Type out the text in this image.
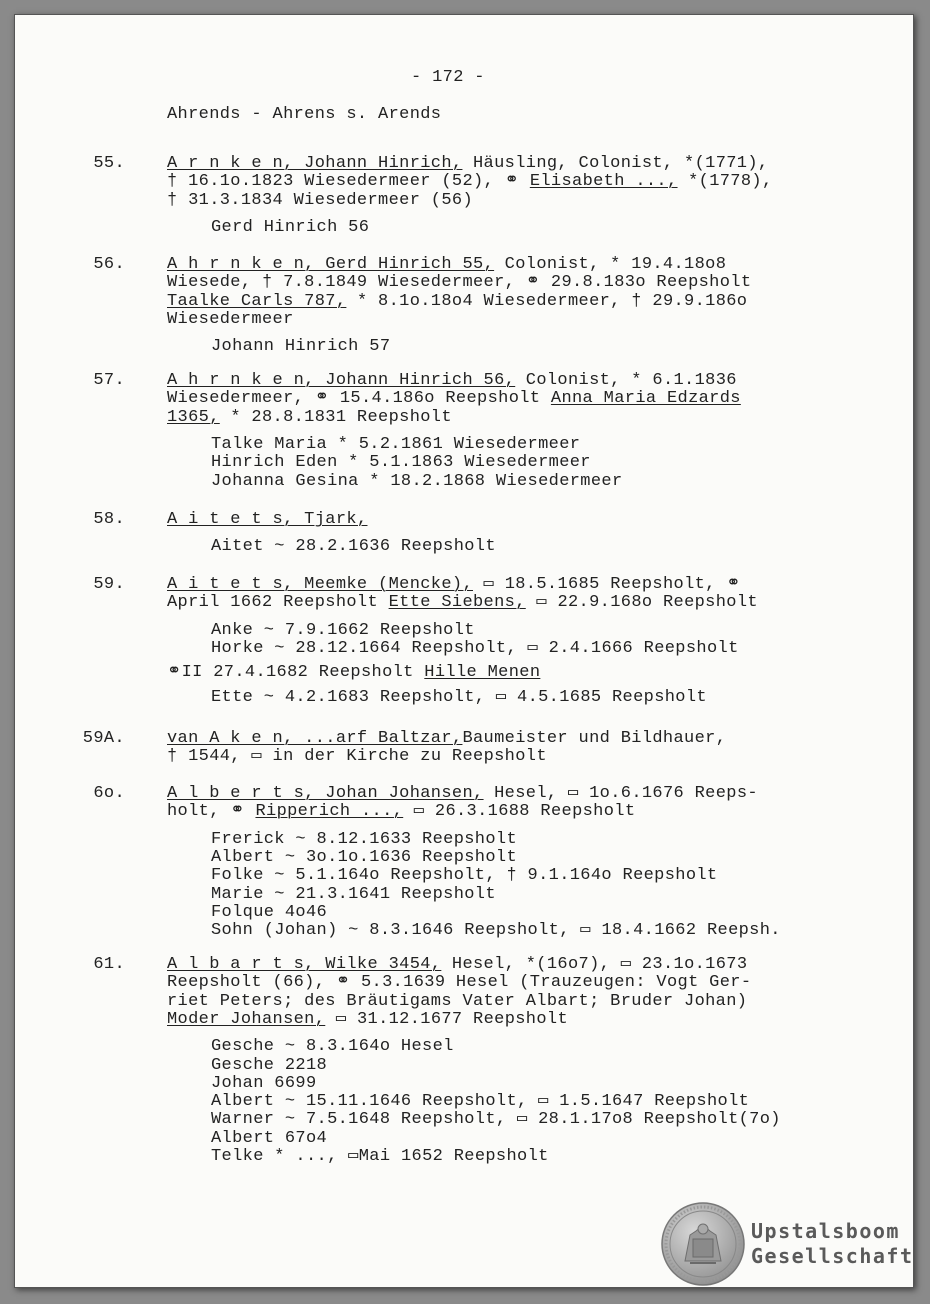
- 172 -
Ahrends - Ahrens s. Arends
55. A r n k e n, Johann Hinrich, Häusling, Colonist, *(1771),
† 16.1o.1823 Wiesedermeer (52), ⚭ Elisabeth ..., *(1778),
† 31.3.1834 Wiesedermeer (56)
Gerd Hinrich 56
56. A h r n k e n, Gerd Hinrich 55, Colonist, * 19.4.18o8
Wiesede, † 7.8.1849 Wiesedermeer, ⚭ 29.8.183o Reepsholt
Taalke Carls 787, * 8.1o.18o4 Wiesedermeer, † 29.9.186o
Wiesedermeer
Johann Hinrich 57
57. A h r n k e n, Johann Hinrich 56, Colonist, * 6.1.1836
Wiesedermeer, ⚭ 15.4.186o Reepsholt Anna Maria Edzards
1365, * 28.8.1831 Reepsholt
Talke Maria * 5.2.1861 Wiesedermeer
Hinrich Eden * 5.1.1863 Wiesedermeer
Johanna Gesina * 18.2.1868 Wiesedermeer
58. A i t e t s, Tjark,
Aitet ~ 28.2.1636 Reepsholt
59. A i t e t s, Meemke (Mencke), ▭ 18.5.1685 Reepsholt, ⚭
April 1662 Reepsholt Ette Siebens, ▭ 22.9.168o Reepsholt
Anke ~ 7.9.1662 Reepsholt
Horke ~ 28.12.1664 Reepsholt, ▭ 2.4.1666 Reepsholt
⚭II 27.4.1682 Reepsholt Hille Menen
Ette ~ 4.2.1683 Reepsholt, ▭ 4.5.1685 Reepsholt
59A. van A k e n, ...arf Baltzar,Baumeister und Bildhauer,
† 1544, ▭ in der Kirche zu Reepsholt
6o. A l b e r t s, Johan Johansen, Hesel, ▭ 1o.6.1676 Reeps-
holt, ⚭ Ripperich ..., ▭ 26.3.1688 Reepsholt
Frerick ~ 8.12.1633 Reepsholt
Albert ~ 3o.1o.1636 Reepsholt
Folke ~ 5.1.164o Reepsholt, † 9.1.164o Reepsholt
Marie ~ 21.3.1641 Reepsholt
Folque 4o46
Sohn (Johan) ~ 8.3.1646 Reepsholt, ▭ 18.4.1662 Reepsh.
61. A l b a r t s, Wilke 3454, Hesel, *(16o7), ▭ 23.1o.1673
Reepsholt (66), ⚭ 5.3.1639 Hesel (Trauzeugen: Vogt Ger-
riet Peters; des Bräutigams Vater Albart; Bruder Johan)
Moder Johansen, ▭ 31.12.1677 Reepsholt
Gesche ~ 8.3.164o Hesel
Gesche 2218
Johan 6699
Albert ~ 15.11.1646 Reepsholt, ▭ 1.5.1647 Reepsholt
Warner ~ 7.5.1648 Reepsholt, ▭ 28.1.17o8 Reepsholt(7o)
Albert 67o4
Telke * ..., ▭Mai 1652 Reepsholt
Upstalsboom
Gesellschaft
